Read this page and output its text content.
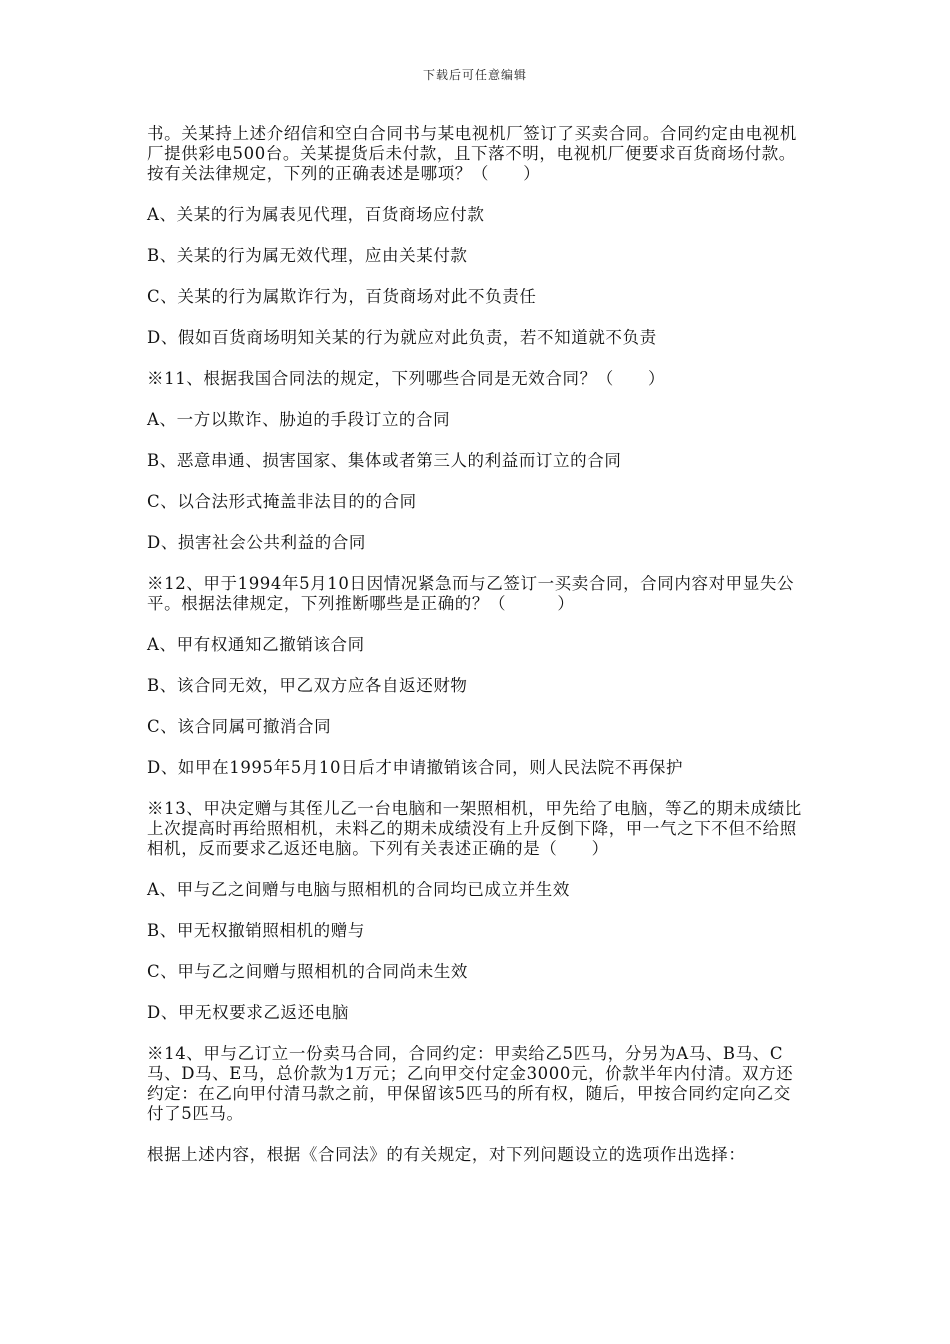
下载后可任意编辑

书。关某持上述介绍信和空白合同书与某电视机厂签订了买卖合同。合同约定由电视机厂提供彩电500台。关某提货后未付款，且下落不明，电视机厂便要求百货商场付款。按有关法律规定，下列的正确表述是哪项？（　　）

A、关某的行为属表见代理，百货商场应付款

B、关某的行为属无效代理，应由关某付款

C、关某的行为属欺诈行为，百货商场对此不负责任

D、假如百货商场明知关某的行为就应对此负责，若不知道就不负责

※11、根据我国合同法的规定，下列哪些合同是无效合同？（　　）

A、一方以欺诈、胁迫的手段订立的合同

B、恶意串通、损害国家、集体或者第三人的利益而订立的合同

C、以合法形式掩盖非法目的的合同

D、损害社会公共利益的合同

※12、甲于1994年5月10日因情况紧急而与乙签订一买卖合同，合同内容对甲显失公平。根据法律规定，下列推断哪些是正确的？（　　　）

A、甲有权通知乙撤销该合同

B、该合同无效，甲乙双方应各自返还财物

C、该合同属可撤消合同

D、如甲在1995年5月10日后才申请撤销该合同，则人民法院不再保护

※13、甲决定赠与其侄儿乙一台电脑和一架照相机，甲先给了电脑，等乙的期未成绩比上次提高时再给照相机，未料乙的期未成绩没有上升反倒下降，甲一气之下不但不给照相机，反而要求乙返还电脑。下列有关表述正确的是（　　）

A、甲与乙之间赠与电脑与照相机的合同均已成立并生效

B、甲无权撤销照相机的赠与

C、甲与乙之间赠与照相机的合同尚未生效

D、甲无权要求乙返还电脑

※14、甲与乙订立一份卖马合同，合同约定：甲卖给乙5匹马，分另为A马、B马、C马、D马、E马，总价款为1万元；乙向甲交付定金3000元，价款半年内付清。双方还约定：在乙向甲付清马款之前，甲保留该5匹马的所有权，随后，甲按合同约定向乙交付了5匹马。

根据上述内容，根据《合同法》的有关规定，对下列问题设立的选项作出选择：
